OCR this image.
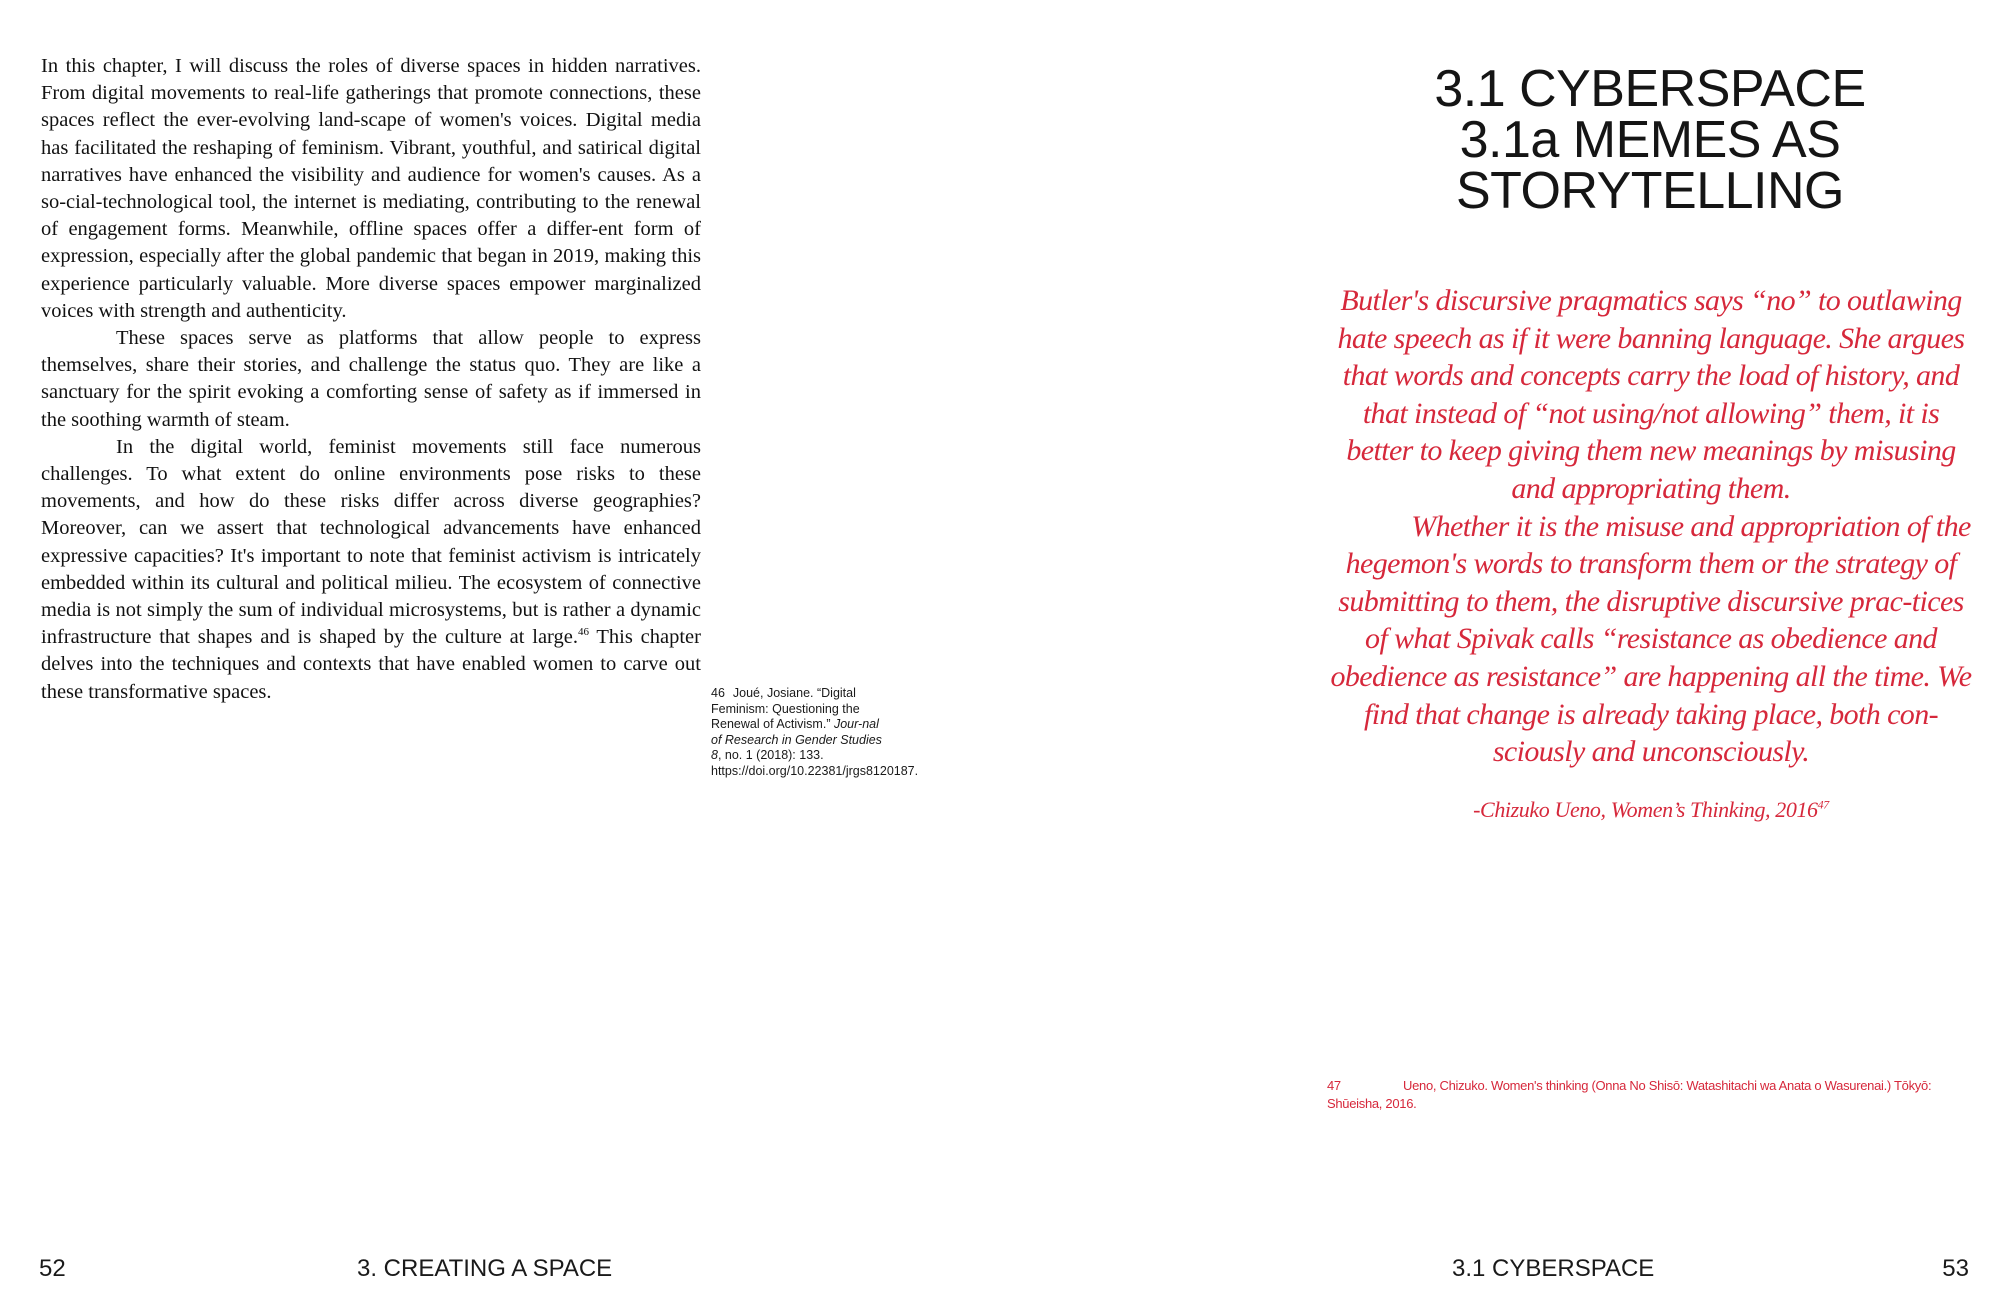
In this chapter, I will discuss the roles of diverse spaces in hidden narratives. From digital movements to real-life gatherings that promote connections, these spaces reflect the ever-evolving land-scape of women's voices. Digital media has facilitated the reshaping of feminism. Vibrant, youthful, and satirical digital narratives have enhanced the visibility and audience for women's causes. As a so-cial-technological tool, the internet is mediating, contributing to the renewal of engagement forms. Meanwhile, offline spaces offer a differ-ent form of expression, especially after the global pandemic that began in 2019, making this experience particularly valuable. More diverse spaces empower marginalized voices with strength and authenticity.

These spaces serve as platforms that allow people to express themselves, share their stories, and challenge the status quo. They are like a sanctuary for the spirit evoking a comforting sense of safety as if immersed in the soothing warmth of steam.

In the digital world, feminist movements still face numerous challenges. To what extent do online environments pose risks to these movements, and how do these risks differ across diverse geographies? Moreover, can we assert that technological advancements have enhanced expressive capacities? It's important to note that feminist activism is intricately embedded within its cultural and political milieu. The ecosystem of connective media is not simply the sum of individual microsystems, but is rather a dynamic infrastructure that shapes and is shaped by the culture at large.$^{46}$ This chapter delves into the techniques and contexts that have enabled women to carve out these transformative spaces.	46 Joué, Josiane. “Digital Feminism: Questioning the Renewal of Activism.” Jour-nal of Research in Gender Studies 8, no. 1 (2018): 133. https://doi.org/10.22381/jrgs8120187.
52	3. CREATING A SPACE
3.1 CYBERSPACE
3.1a MEMES AS
STORYTELLING

Butler's discursive pragmatics says “no” to outlawing hate speech as if it were banning language. She argues that words and concepts carry the load of history, and that instead of “not using/not allowing” them, it is better to keep giving them new meanings by misusing and appropriating them.

Whether it is the misuse and appropriation of the hegemon's words to transform them or the strategy of submitting to them, the disruptive discursive prac-tices of what Spivak calls “resistance as obedience and obedience as resistance” are happening all the time. We find that change is already taking place, both con-sciously and unconsciously.

-Chizuko Ueno, Women’s Thinking, 2016$^{47}$
47	Ueno, Chizuko. Women's thinking (Onna No Shisō: Watashitachi wa Anata o Wasurenai.) Tōkyō: Shūeisha, 2016.
3.1 CYBERSPACE	53
